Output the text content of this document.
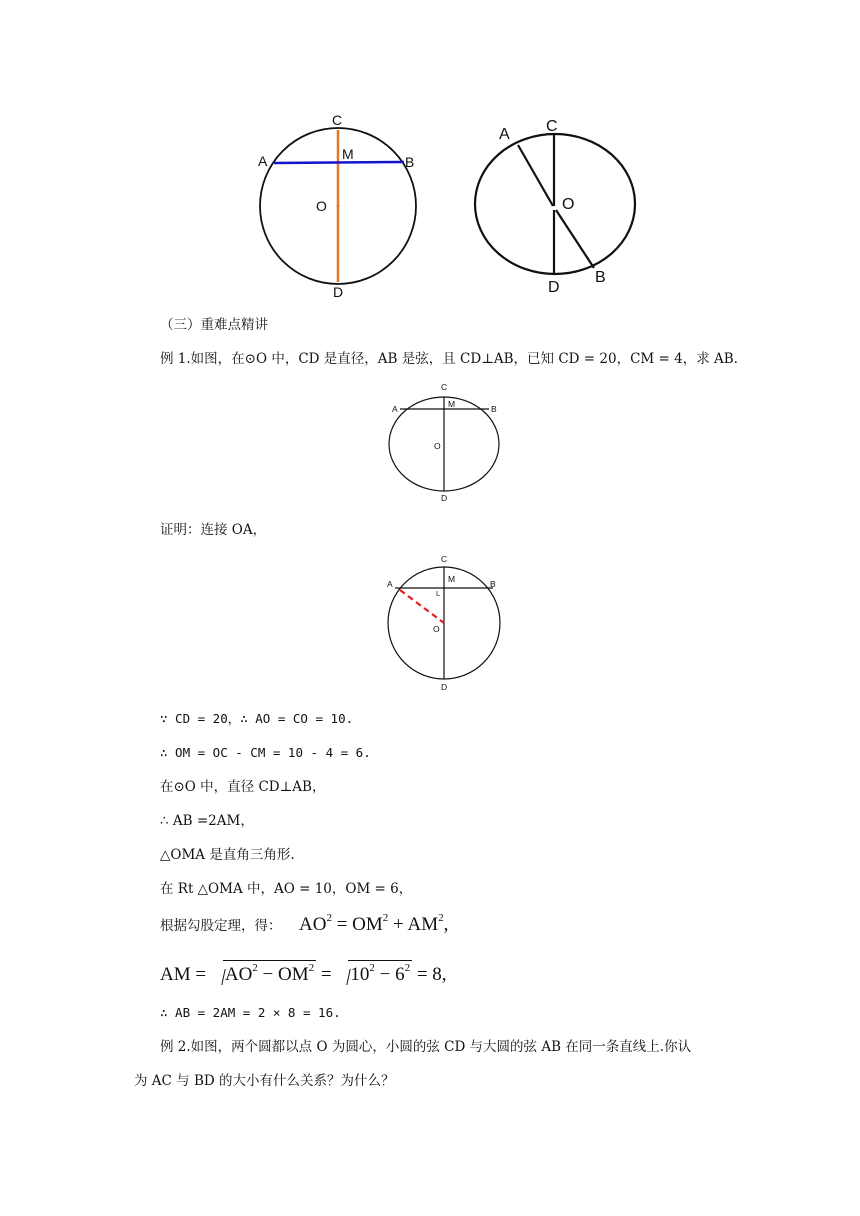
C
A	M	B
O
D
A C
O
D
B
（三）重难点精讲
例 1.如图，在⊙O 中，CD 是直径，AB 是弦，且 CD⊥AB，已知 CD = 20，CM = 4，求 AB.
C
A	M	B
O
D
证明：连接 OA，
C
A	M	B
L
O
D
∵ CD = 20，∴ AO = CO = 10.
∴ OM = OC - CM = 10 - 4 = 6.
在⊙O 中，直径 CD⊥AB，
∴ AB =2AM，
△OMA 是直角三角形.
在 Rt △OMA 中，AO = 10，OM = 6，
根据勾股定理，得： $AO^2 = OM^2 + AM^2$,
AM = $AO^2 - OM^2 = 10^2 - 6^2 = 8$,
∴ AB = 2AM = 2 × 8 = 16.
例 2.如图，两个圆都以点 O 为圆心，小圆的弦 CD 与大圆的弦 AB 在同一条直线上.你认
为 AC 与 BD 的大小有什么关系？为什么？
